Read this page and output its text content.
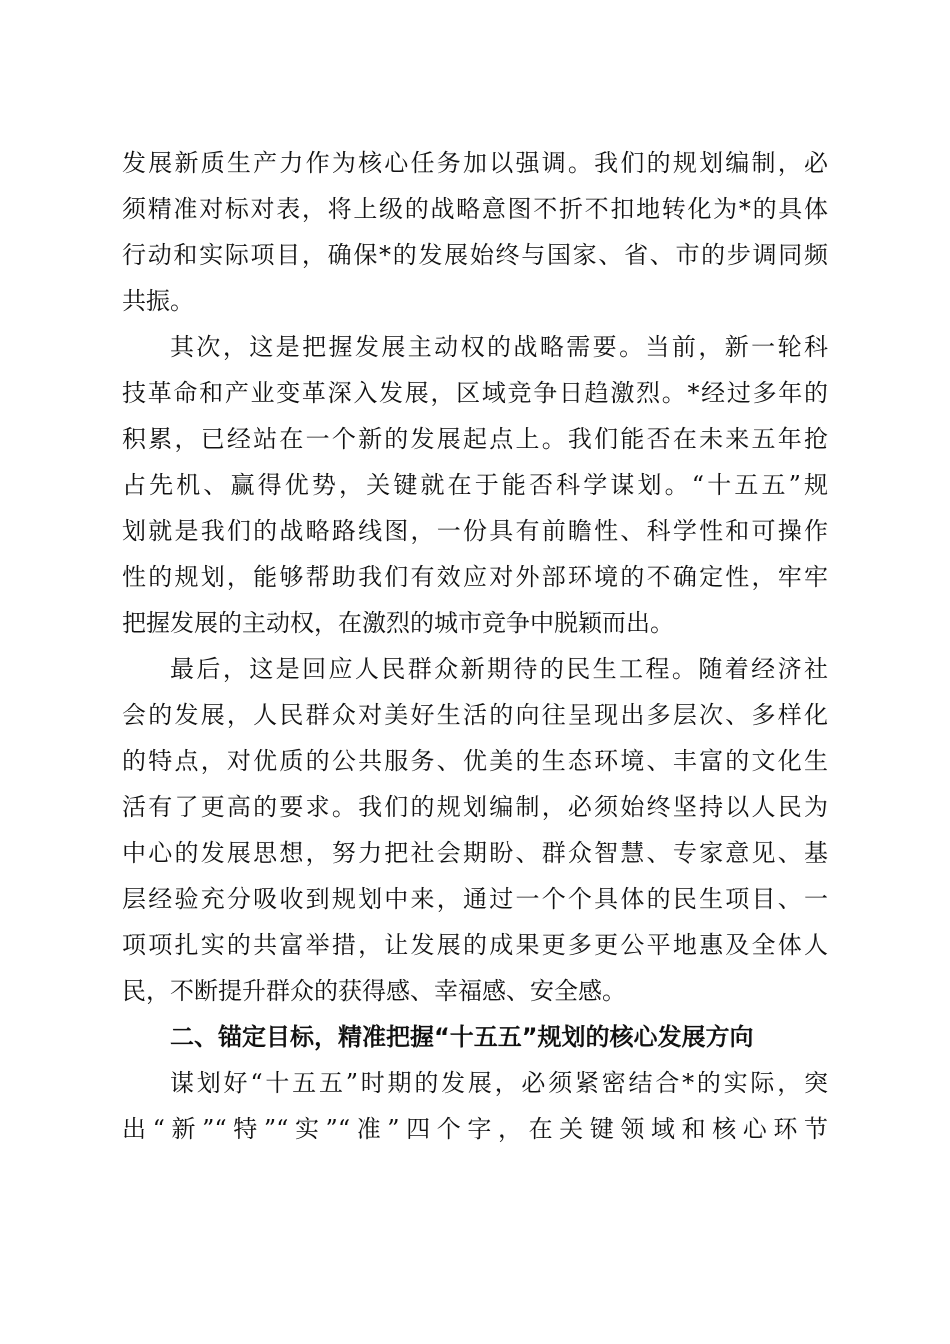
发展新质生产力作为核心任务加以强调。我们的规划编制，必
须精准对标对表，将上级的战略意图不折不扣地转化为*的具体
行动和实际项目，确保*的发展始终与国家、省、市的步调同频
共振。
其次，这是把握发展主动权的战略需要。当前，新一轮科
技革命和产业变革深入发展，区域竞争日趋激烈。*经过多年的
积累，已经站在一个新的发展起点上。我们能否在未来五年抢
占先机、赢得优势，关键就在于能否科学谋划。“十五五”规
划就是我们的战略路线图，一份具有前瞻性、科学性和可操作
性的规划，能够帮助我们有效应对外部环境的不确定性，牢牢
把握发展的主动权，在激烈的城市竞争中脱颖而出。
最后，这是回应人民群众新期待的民生工程。随着经济社
会的发展，人民群众对美好生活的向往呈现出多层次、多样化
的特点，对优质的公共服务、优美的生态环境、丰富的文化生
活有了更高的要求。我们的规划编制，必须始终坚持以人民为
中心的发展思想，努力把社会期盼、群众智慧、专家意见、基
层经验充分吸收到规划中来，通过一个个具体的民生项目、一
项项扎实的共富举措，让发展的成果更多更公平地惠及全体人
民，不断提升群众的获得感、幸福感、安全感。
二、锚定目标，精准把握“十五五”规划的核心发展方向
谋划好“十五五”时期的发展，必须紧密结合*的实际，突
出“新”“特”“实”“准”四个字，在关键领域和核心环节
